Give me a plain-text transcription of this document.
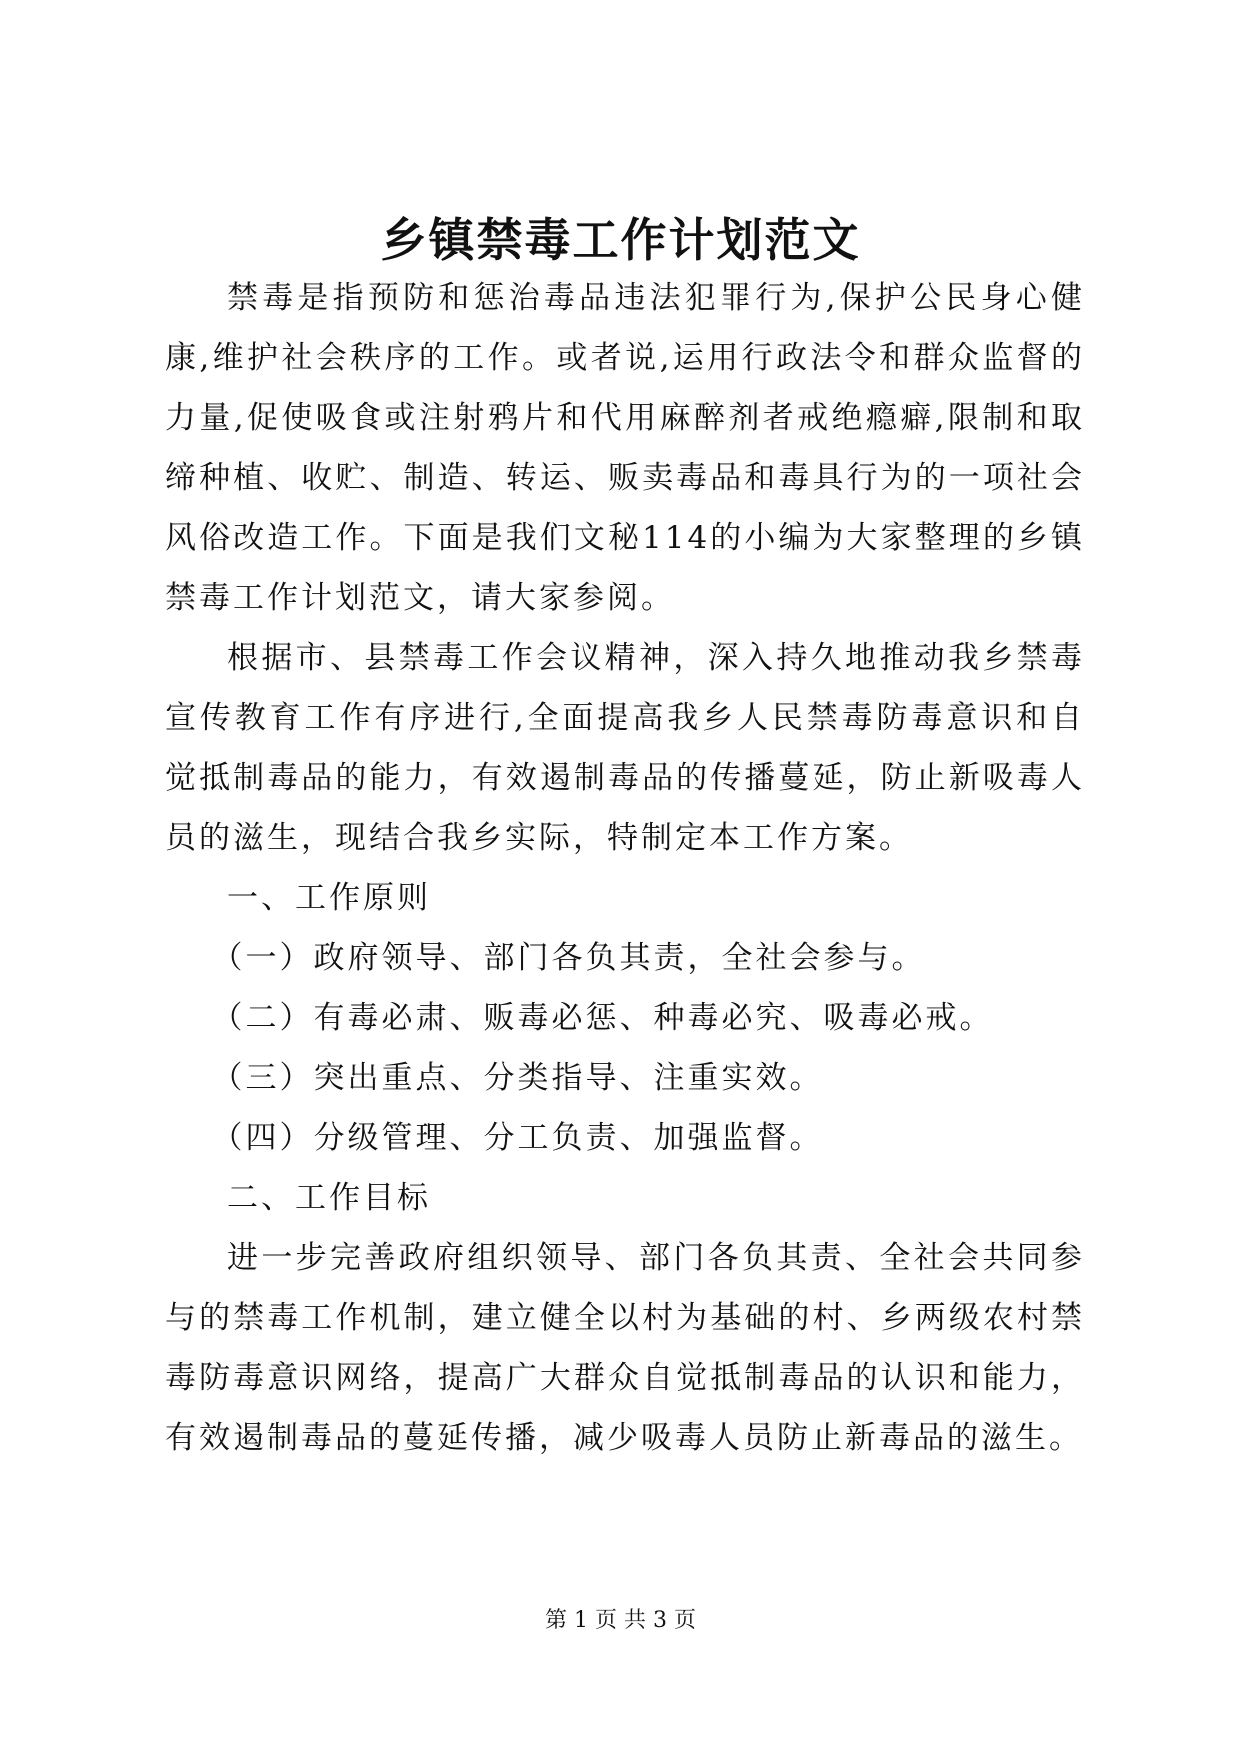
乡镇禁毒工作计划范文

禁毒是指预防和惩治毒品违法犯罪行为,保护公民身心健康,维护社会秩序的工作。或者说,运用行政法令和群众监督的力量,促使吸食或注射鸦片和代用麻醉剂者戒绝瘾癖,限制和取缔种植、收贮、制造、转运、贩卖毒品和毒具行为的一项社会风俗改造工作。下面是我们文秘114的小编为大家整理的乡镇禁毒工作计划范文，请大家参阅。

根据市、县禁毒工作会议精神，深入持久地推动我乡禁毒宣传教育工作有序进行,全面提高我乡人民禁毒防毒意识和自觉抵制毒品的能力，有效遏制毒品的传播蔓延，防止新吸毒人员的滋生，现结合我乡实际，特制定本工作方案。

一、工作原则

（一）政府领导、部门各负其责，全社会参与。

（二）有毒必肃、贩毒必惩、种毒必究、吸毒必戒。

（三）突出重点、分类指导、注重实效。

（四）分级管理、分工负责、加强监督。

二、工作目标

进一步完善政府组织领导、部门各负其责、全社会共同参与的禁毒工作机制，建立健全以村为基础的村、乡两级农村禁毒防毒意识网络，提高广大群众自觉抵制毒品的认识和能力，有效遏制毒品的蔓延传播，减少吸毒人员防止新毒品的滋生。

第 1 页 共 3 页
